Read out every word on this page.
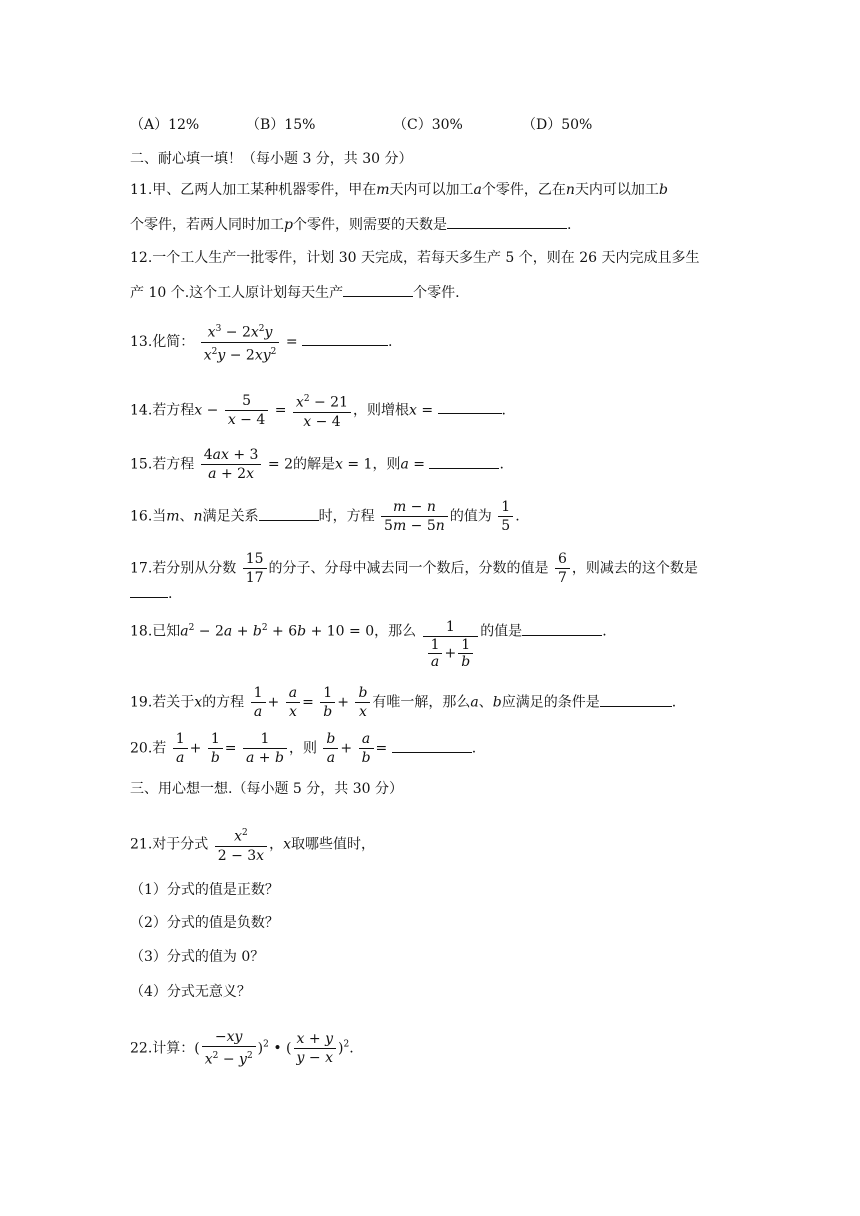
（A）12%	（B）15%	（C）30%	（D）50%
二、耐心填一填！（每小题 3 分，共 30 分）
11.甲、乙两人加工某种机器零件，甲在m天内可以加工a个零件，乙在n天内可以加工b
个零件，若两人同时加工p个零件，则需要的天数是	.
12.一个工人生产一批零件，计划 30 天完成，若每天多生产 5 个，则在 26 天内完成且多生
产 10 个.这个工人原计划每天生产	个零件.
13.化简： $\frac{x^3 - 2x^2y}{x^2y - 2xy^2}$ =	.
14.若方程$x - \frac{5}{x - 4} = \frac{x^2 - 21}{x - 4}$ ，则增根x =	.
15.若方程 $\frac{4ax + 3}{a + 2x} = 2$的解是x = 1，则a =	.
16.当m、n满足关系	时，方程 $\frac{m - n}{5m - 5n}$ 的值为 $\frac{1}{5}$ .
17.若分别从分数 $\frac{15}{17}$ 的分子、分母中减去同一个数后，分数的值是 $\frac{6}{7}$ ，则减去的这个数是
.
18.已知$a^2 - 2a + b^2 + 6b + 10 = 0$，那么 $\frac{1}{\frac{1}{a} + \frac{1}{b}}$ 的值是	.
19.若关于x的方程 $\frac{1}{a} + \frac{a}{x} = \frac{1}{b} + \frac{b}{x}$ 有唯一解，那么a、b应满足的条件是	.
20.若 $\frac{1}{a} + \frac{1}{b} = \frac{1}{a + b}$ ，则 $\frac{b}{a} + \frac{a}{b}$ =	.
三、用心想一想.（每小题 5 分，共 30 分）
21.对于分式 $\frac{x^2}{2 - 3x}$ ，x取哪些值时，
（1）分式的值是正数？
（2）分式的值是负数？
（3）分式的值为 0？
（4）分式无意义？
22.计算：( $\frac{-xy}{x^2 - y^2} )^2$ • ( $\frac{x + y}{y - x} )^2$.
